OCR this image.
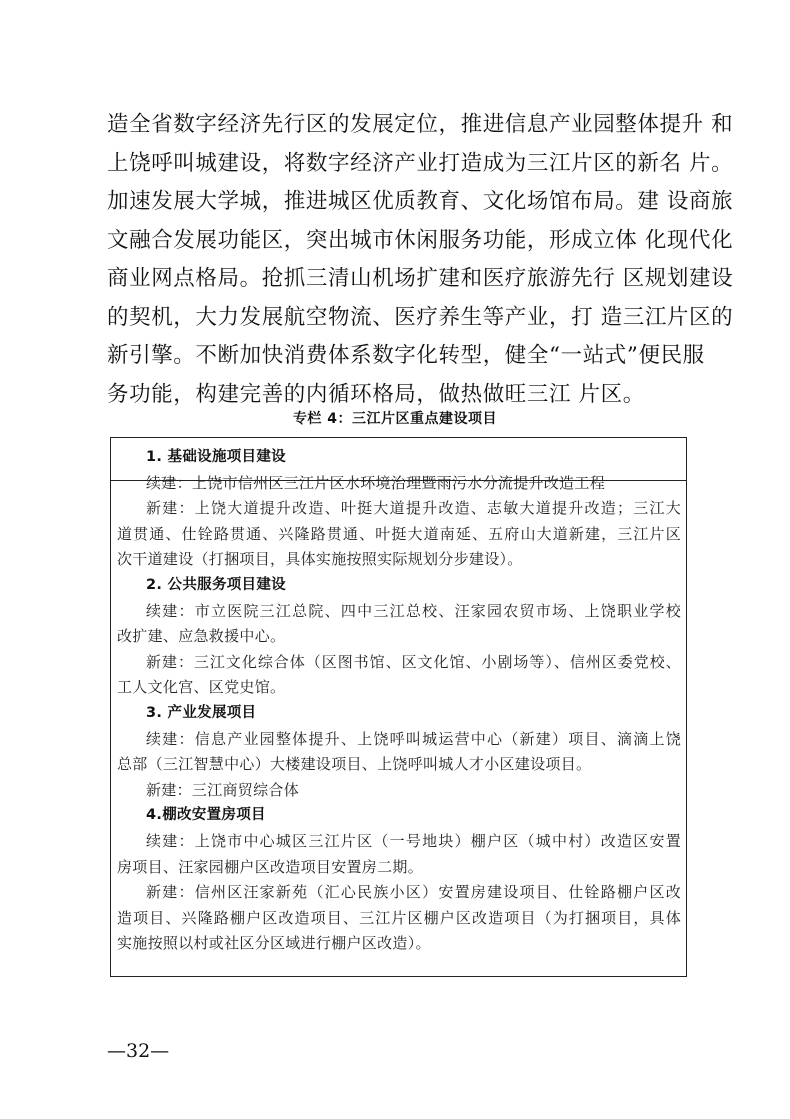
造全省数字经济先行区的发展定位，推进信息产业园整体提升 和
上饶呼叫城建设，将数字经济产业打造成为三江片区的新名 片。
加速发展大学城，推进城区优质教育、文化场馆布局。建 设商旅
文融合发展功能区，突出城市休闲服务功能，形成立体 化现代化
商业网点格局。抢抓三清山机场扩建和医疗旅游先行 区规划建设
的契机，大力发展航空物流、医疗养生等产业，打 造三江片区的
新引擎。不断加快消费体系数字化转型，健全“一站式”便民服
务功能，构建完善的内循环格局，做热做旺三江 片区。
专栏 4：三江片区重点建设项目
1. 基础设施项目建设
续建：上饶市信州区三江片区水环境治理暨雨污水分流提升改造工程
新建：上饶大道提升改造、叶挺大道提升改造、志敏大道提升改造；三江大
道贯通、仕铨路贯通、兴隆路贯通、叶挺大道南延、五府山大道新建，三江片区
次干道建设（打捆项目，具体实施按照实际规划分步建设）。
2. 公共服务项目建设
续建：市立医院三江总院、四中三江总校、汪家园农贸市场、上饶职业学校
改扩建、应急救援中心。
新建：三江文化综合体（区图书馆、区文化馆、小剧场等）、信州区委党校、
工人文化宫、区党史馆。
3. 产业发展项目
续建：信息产业园整体提升、上饶呼叫城运营中心（新建）项目、滴滴上饶
总部（三江智慧中心）大楼建设项目、上饶呼叫城人才小区建设项目。
新建：三江商贸综合体
4.棚改安置房项目
续建：上饶市中心城区三江片区（一号地块）棚户区（城中村）改造区安置
房项目、汪家园棚户区改造项目安置房二期。
新建：信州区汪家新苑（汇心民族小区）安置房建设项目、仕铨路棚户区改
造项目、兴隆路棚户区改造项目、三江片区棚户区改造项目（为打捆项目，具体
实施按照以村或社区分区域进行棚户区改造）。
—32—
